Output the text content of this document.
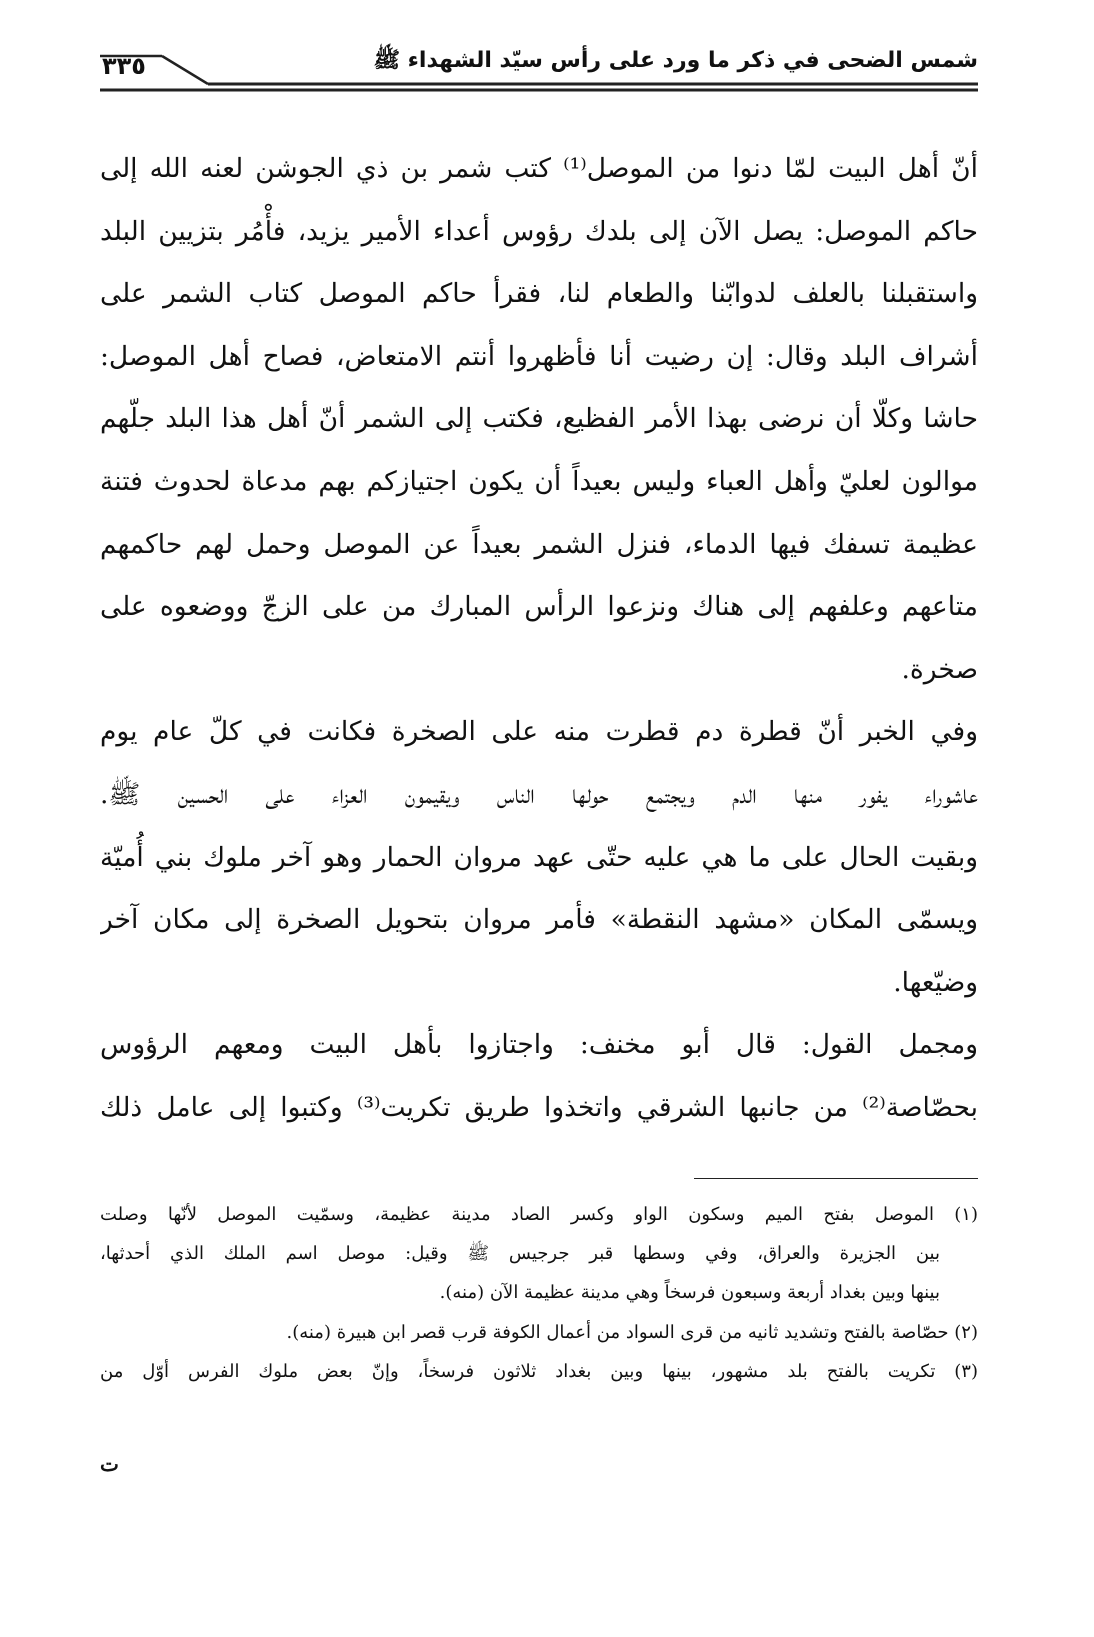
٣٣٥	شمس الضحى في ذكر ما ورد على رأس سيّد الشهداء ﷺ
أنّ أهل البيت لمّا دنوا من الموصل⁽¹⁾ كتب شمر بن ذي الجوشن لعنه الله إلى
حاكم الموصل: يصل الآن إلى بلدك رؤوس أعداء الأمير يزيد، فأْمُر بتزيين البلد
واستقبلنا بالعلف لدوابّنا والطعام لنا، فقرأ حاكم الموصل كتاب الشمر على
أشراف البلد وقال: إن رضيت أنا فأظهروا أنتم الامتعاض، فصاح أهل الموصل:
حاشا وكلّا أن نرضى بهذا الأمر الفظيع، فكتب إلى الشمر أنّ أهل هذا البلد جلّهم
موالون لعليّ وأهل العباء وليس بعيداً أن يكون اجتيازكم بهم مدعاة لحدوث فتنة
عظيمة تسفك فيها الدماء، فنزل الشمر بعيداً عن الموصل وحمل لهم حاكمهم
متاعهم وعلفهم إلى هناك ونزعوا الرأس المبارك من على الزجّ ووضعوه على
صخرة.
وفي الخبر أنّ قطرة دم قطرت منه على الصخرة فكانت في كلّ عام يوم
عاشوراء يفور منها الدم ويجتمع حولها الناس ويقيمون العزاء على الحسين ﷺ.
وبقيت الحال على ما هي عليه حتّى عهد مروان الحمار وهو آخر ملوك بني أُميّة
ويسمّى المكان «مشهد النقطة» فأمر مروان بتحويل الصخرة إلى مكان آخر
وضيّعها.
ومجمل القول: قال أبو مخنف: واجتازوا بأهل البيت ومعهم الرؤوس
بحصّاصة⁽²⁾ من جانبها الشرقي واتخذوا طريق تكريت⁽³⁾ وكتبوا إلى عامل ذلك
(١) الموصل بفتح الميم وسكون الواو وكسر الصاد مدينة عظيمة، وسمّيت الموصل لأنّها وصلت
بين الجزيرة والعراق، وفي وسطها قبر جرجيس ﷺ وقيل: موصل اسم الملك الذي أحدثها،
بينها وبين بغداد أربعة وسبعون فرسخاً وهي مدينة عظيمة الآن (منه).
(٢) حصّاصة بالفتح وتشديد ثانيه من قرى السواد من أعمال الكوفة قرب قصر ابن هبيرة (منه).
(٣) تكريت بالفتح بلد مشهور، بينها وبين بغداد ثلاثون فرسخاً، وإنّ بعض ملوك الفرس أوّل من
ت
